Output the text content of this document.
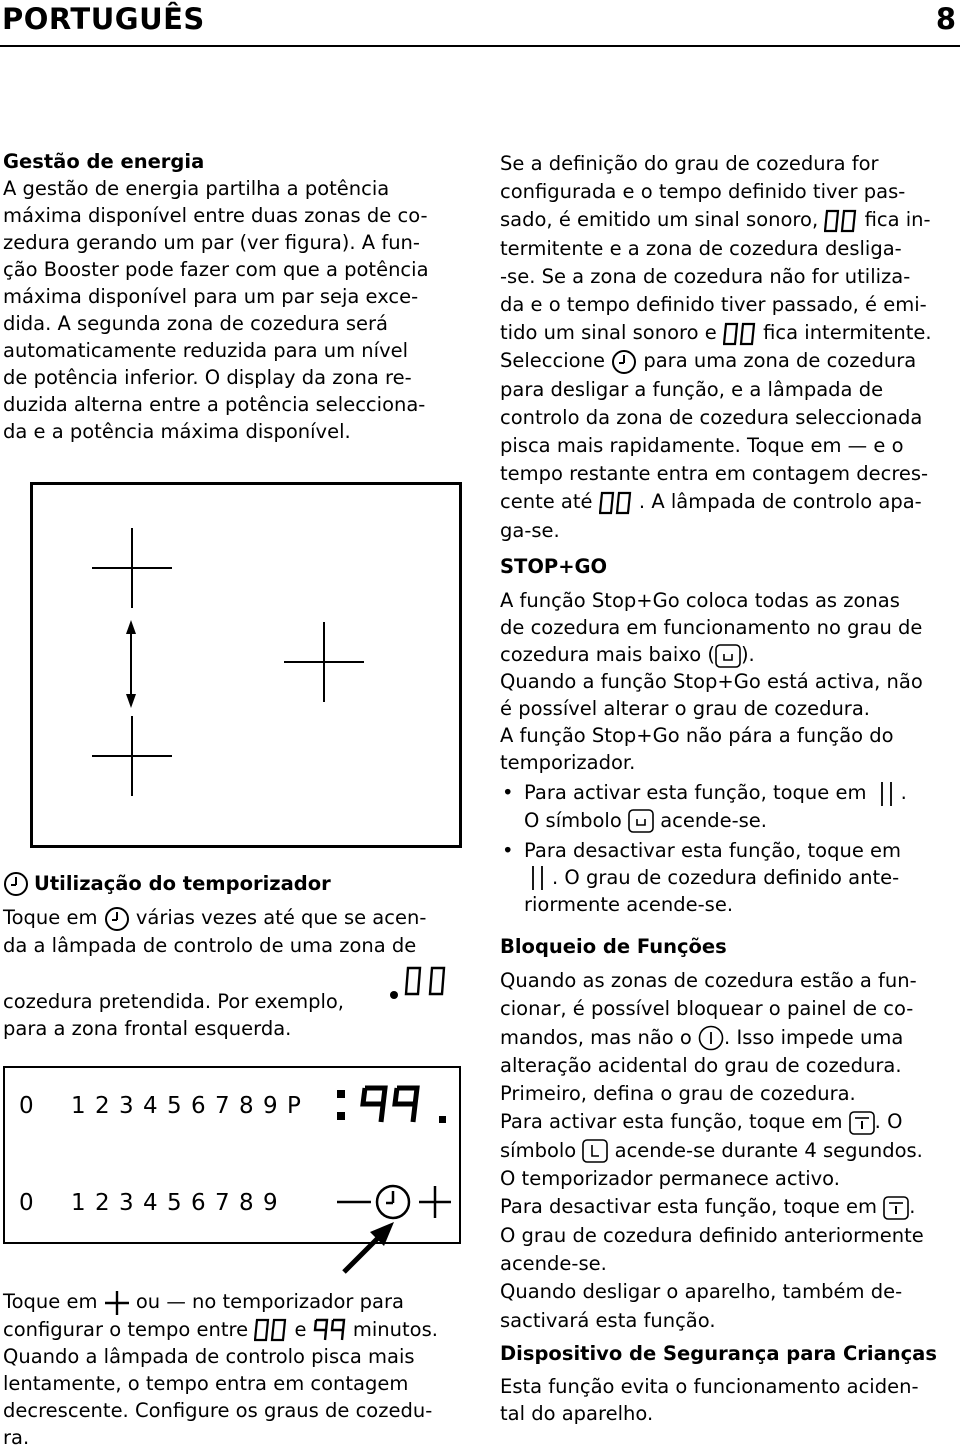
PORTUGUÊS	8
Gestão de energia
A gestão de energia partilha a potência
máxima disponível entre duas zonas de co-
zedura gerando um par (ver figura). A fun-
ção Booster pode fazer com que a potência
máxima disponível para um par seja exce-
dida. A segunda zona de cozedura será
automaticamente reduzida para um nível
de potência inferior. O display da zona re-
duzida alterna entre a potência selecciona-
da e a potência máxima disponível.
Utilização do temporizador
Toque em várias vezes até que se acen-
da a lâmpada de controlo de uma zona de
cozedura pretendida. Por exemplo,
para a zona frontal esquerda.
0 1 2 3 4 5 6 7 8 9 P
0 1 2 3 4 5 6 7 8 9
Toque em ou — no temporizador para
configurar o tempo entre e minutos.
Quando a lâmpada de controlo pisca mais
lentamente, o tempo entra em contagem
decrescente. Configure os graus de cozedu-
ra.
Se a definição do grau de cozedura for
configurada e o tempo definido tiver pas-
sado, é emitido um sinal sonoro, fica in-
termitente e a zona de cozedura desliga-
-se. Se a zona de cozedura não for utiliza-
da e o tempo definido tiver passado, é emi-
tido um sinal sonoro e fica intermitente.
Seleccione para uma zona de cozedura
para desligar a função, e a lâmpada de
controlo da zona de cozedura seleccionada
pisca mais rapidamente. Toque em — e o
tempo restante entra em contagem decres-
cente até . A lâmpada de controlo apa-
ga-se.
STOP+GO
A função Stop+Go coloca todas as zonas
de cozedura em funcionamento no grau de
cozedura mais baixo ( ).
Quando a função Stop+Go está activa, não
é possível alterar o grau de cozedura.
A função Stop+Go não pára a função do
temporizador.
• Para activar esta função, toque em .
O símbolo acende-se.
• Para desactivar esta função, toque em
. O grau de cozedura definido ante-
riormente acende-se.
Bloqueio de Funções
Quando as zonas de cozedura estão a fun-
cionar, é possível bloquear o painel de co-
mandos, mas não o . Isso impede uma
alteração acidental do grau de cozedura.
Primeiro, defina o grau de cozedura.
Para activar esta função, toque em . O
símbolo acende-se durante 4 segundos.
O temporizador permanece activo.
Para desactivar esta função, toque em .
O grau de cozedura definido anteriormente
acende-se.
Quando desligar o aparelho, também de-
sactivará esta função.
Dispositivo de Segurança para Crianças
Esta função evita o funcionamento aciden-
tal do aparelho.
